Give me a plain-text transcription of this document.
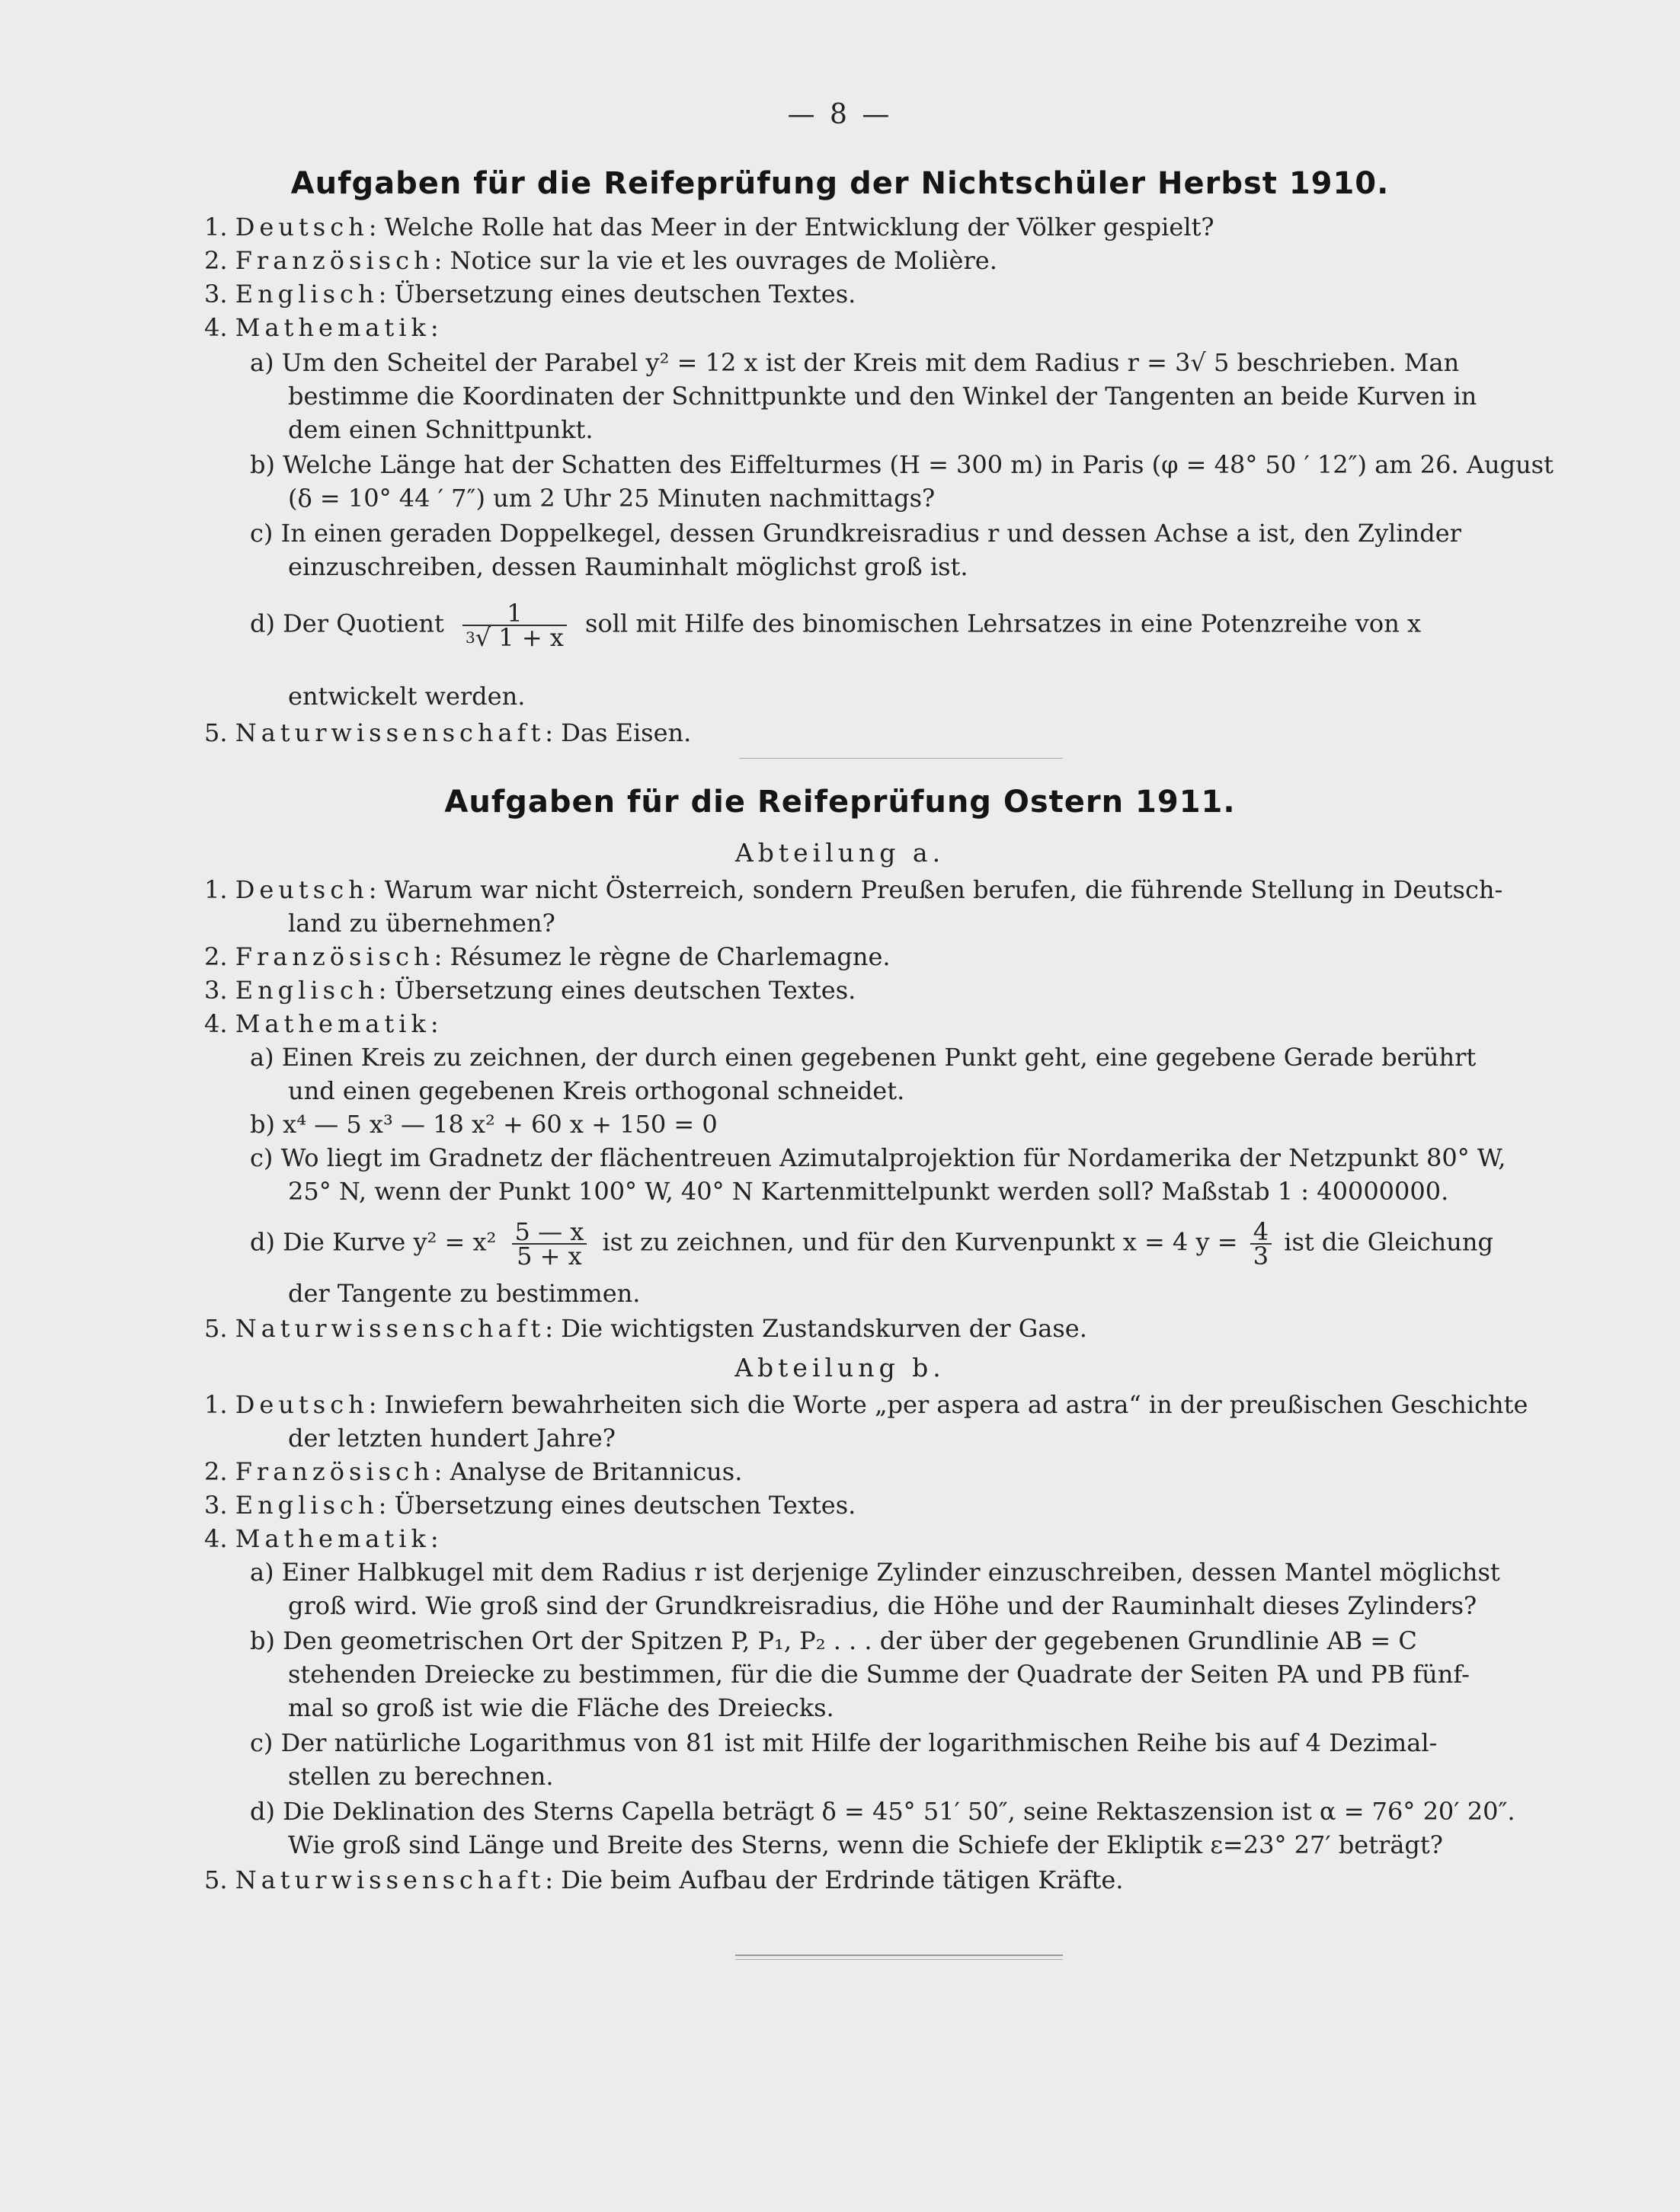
— 8 —
Aufgaben für die Reifeprüfung der Nichtschüler Herbst 1910.
1. Deutsch: Welche Rolle hat das Meer in der Entwicklung der Völker gespielt?
2. Französisch: Notice sur la vie et les ouvrages de Molière.
3. Englisch: Übersetzung eines deutschen Textes.
4. Mathematik:
a) Um den Scheitel der Parabel y² = 12 x ist der Kreis mit dem Radius r = 3√ 5 beschrieben. Man
bestimme die Koordinaten der Schnittpunkte und den Winkel der Tangenten an beide Kurven in
dem einen Schnittpunkt.
b) Welche Länge hat der Schatten des Eiffelturmes (H = 300 m) in Paris (φ = 48° 50 ′ 12″) am 26. August
(δ = 10° 44 ′ 7″) um 2 Uhr 25 Minuten nachmittags?
c) In einen geraden Doppelkegel, dessen Grundkreisradius r und dessen Achse a ist, den Zylinder
einzuschreiben, dessen Rauminhalt möglichst groß ist.
d) Der Quotient $\frac{1}{^3√ 1 + x}$ soll mit Hilfe des binomischen Lehrsatzes in eine Potenzreihe von x
entwickelt werden.
5. Naturwissenschaft: Das Eisen.
Aufgaben für die Reifeprüfung Ostern 1911.
Abteilung a.
1. Deutsch: Warum war nicht Österreich, sondern Preußen berufen, die führende Stellung in Deutsch-
land zu übernehmen?
2. Französisch: Résumez le règne de Charlemagne.
3. Englisch: Übersetzung eines deutschen Textes.
4. Mathematik:
a) Einen Kreis zu zeichnen, der durch einen gegebenen Punkt geht, eine gegebene Gerade berührt
und einen gegebenen Kreis orthogonal schneidet.
b) x⁴ — 5 x³ — 18 x² + 60 x + 150 = 0
c) Wo liegt im Gradnetz der flächentreuen Azimutalprojektion für Nordamerika der Netzpunkt 80° W,
25° N, wenn der Punkt 100° W, 40° N Kartenmittelpunkt werden soll? Maßstab 1 : 40000000.
d) Die Kurve $y^2 = x^2 \frac{5 — x}{5 + x}$ ist zu zeichnen, und für den Kurvenpunkt x = 4 $y = \frac{4}{3}$ ist die Gleichung
der Tangente zu bestimmen.
5. Naturwissenschaft: Die wichtigsten Zustandskurven der Gase.
Abteilung b.
1. Deutsch: Inwiefern bewahrheiten sich die Worte „per aspera ad astra“ in der preußischen Geschichte
der letzten hundert Jahre?
2. Französisch: Analyse de Britannicus.
3. Englisch: Übersetzung eines deutschen Textes.
4. Mathematik:
a) Einer Halbkugel mit dem Radius r ist derjenige Zylinder einzuschreiben, dessen Mantel möglichst
groß wird. Wie groß sind der Grundkreisradius, die Höhe und der Rauminhalt dieses Zylinders?
b) Den geometrischen Ort der Spitzen P, P₁, P₂ . . . der über der gegebenen Grundlinie AB = C
stehenden Dreiecke zu bestimmen, für die die Summe der Quadrate der Seiten PA und PB fünf-
mal so groß ist wie die Fläche des Dreiecks.
c) Der natürliche Logarithmus von 81 ist mit Hilfe der logarithmischen Reihe bis auf 4 Dezimal-
stellen zu berechnen.
d) Die Deklination des Sterns Capella beträgt δ = 45° 51′ 50″, seine Rektaszension ist α = 76° 20′ 20″.
Wie groß sind Länge und Breite des Sterns, wenn die Schiefe der Ekliptik ε=23° 27′ beträgt?
5. Naturwissenschaft: Die beim Aufbau der Erdrinde tätigen Kräfte.
